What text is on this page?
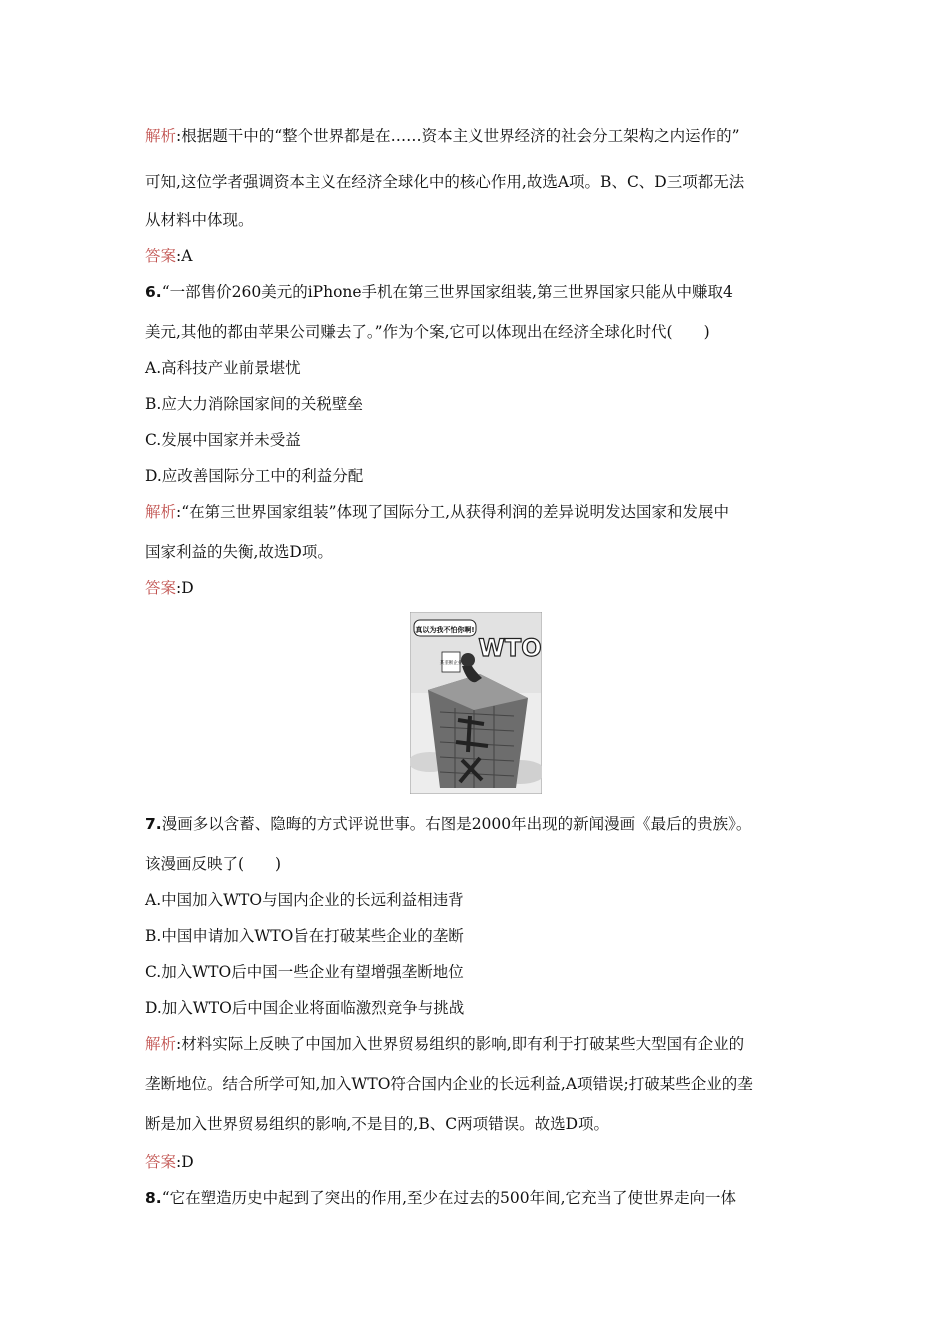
解析:根据题干中的“整个世界都是在……资本主义世界经济的社会分工架构之内运作的”

可知,这位学者强调资本主义在经济全球化中的核心作用,故选A项。B、C、D三项都无法

从材料中体现。

答案:A

6.“一部售价260美元的iPhone手机在第三世界国家组装,第三世界国家只能从中赚取4

美元,其他的都由苹果公司赚去了。”作为个案,它可以体现出在经济全球化时代(　　)

A.高科技产业前景堪忧

B.应大力消除国家间的关税壁垒

C.发展中国家并未受益

D.应改善国际分工中的利益分配

解析:“在第三世界国家组装”体现了国际分工,从获得利润的差异说明发达国家和发展中

国家利益的失衡,故选D项。

答案:D

7.漫画多以含蓄、隐晦的方式评说世事。右图是2000年出现的新闻漫画《最后的贵族》。

该漫画反映了(　　)

A.中国加入WTO与国内企业的长远利益相违背

B.中国申请加入WTO旨在打破某些企业的垄断

C.加入WTO后中国一些企业有望增强垄断地位

D.加入WTO后中国企业将面临激烈竞争与挑战

解析:材料实际上反映了中国加入世界贸易组织的影响,即有利于打破某些大型国有企业的

垄断地位。结合所学可知,加入WTO符合国内企业的长远利益,A项错误;打破某些企业的垄

断是加入世界贸易组织的影响,不是目的,B、C两项错误。故选D项。

答案:D

8.“它在塑造历史中起到了突出的作用,至少在过去的500年间,它充当了使世界走向一体

真以为我不怕你啊!
WTO
某垄断企业
